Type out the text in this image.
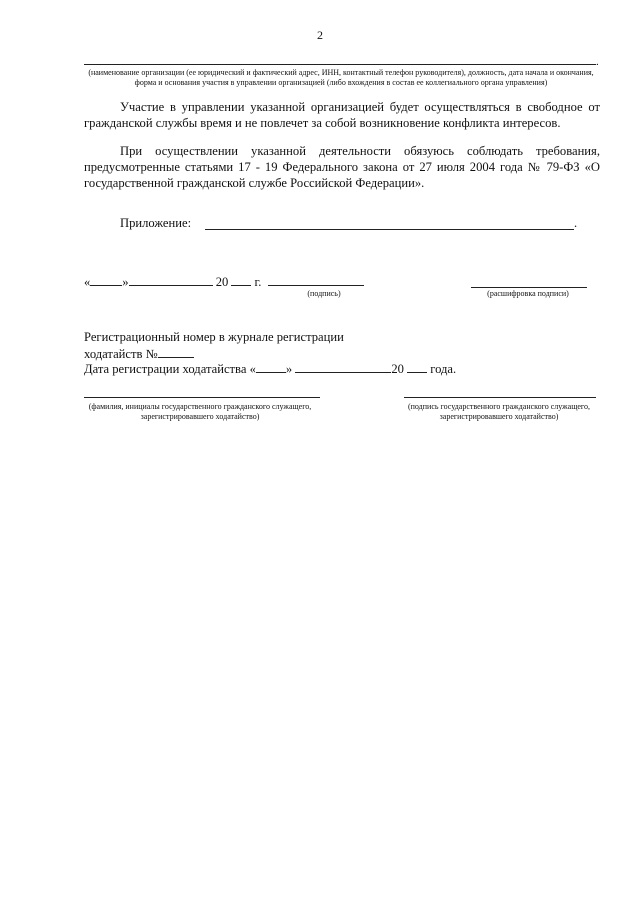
2
.
(наименование организации (ее юридический и фактический адрес, ИНН, контактный телефон руководителя), должность, дата начала и окончания, форма и основания участия в управлении организацией (либо вхождения в состав ее коллегиального органа управления)
Участие в управлении указанной организацией будет осуществляться в свободное от гражданской службы время и не повлечет за собой возникновение конфликта интересов.
При осуществлении указанной деятельности обязуюсь соблюдать требования, предусмотренные статьями 17 - 19 Федерального закона от 27 июля 2004 года № 79-ФЗ «О государственной гражданской службе Российской Федерации».
Приложение:	.
«	»	20 г.
(подпись)	(расшифровка подписи)
Регистрационный номер в журнале регистрации
ходатайств №
Дата регистрации ходатайства « »	20 года.
(фамилия, инициалы государственного гражданского служащего, зарегистрировавшего ходатайство)
(подпись государственного гражданского служащего, зарегистрировавшего ходатайство)
